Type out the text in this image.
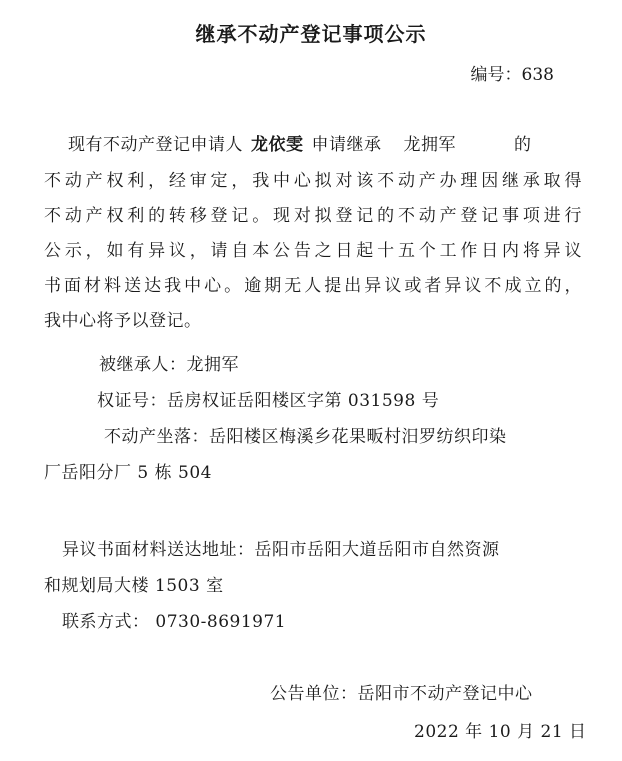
继承不动产登记事项公示
编号：638
现有不动产登记申请人 龙依雯 申请继承 龙拥军	的
不动产权利，经审定，我中心拟对该不动产办理因继承取得
不动产权利的转移登记。现对拟登记的不动产登记事项进行
公示，如有异议，请自本公告之日起十五个工作日内将异议
书面材料送达我中心。逾期无人提出异议或者异议不成立的，
我中心将予以登记。
被继承人：龙拥军
权证号：岳房权证岳阳楼区字第 031598 号
不动产坐落：岳阳楼区梅溪乡花果畈村汨罗纺织印染
厂岳阳分厂 5 栋 504
异议书面材料送达地址：岳阳市岳阳大道岳阳市自然资源
和规划局大楼 1503 室
联系方式： 0730-8691971
公告单位：岳阳市不动产登记中心
2022 年 10 月 21 日
